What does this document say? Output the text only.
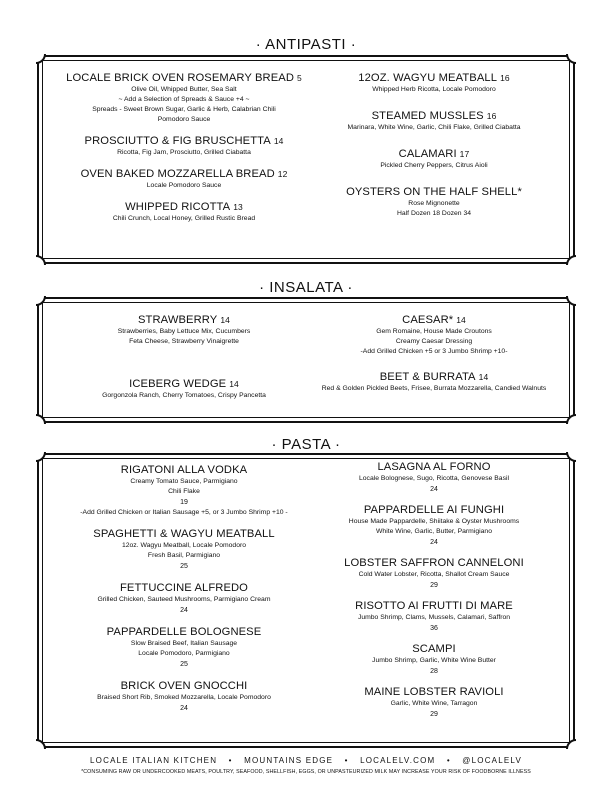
· ANTIPASTI ·
LOCALE BRICK OVEN ROSEMARY BREAD 5
Olive Oil, Whipped Butter, Sea Salt
~ Add a Selection of Spreads & Sauce +4 ~
Spreads - Sweet Brown Sugar, Garlic & Herb, Calabrian Chili
Pomodoro Sauce
PROSCIUTTO & FIG BRUSCHETTA 14
Ricotta, Fig Jam, Prosciutto, Grilled Ciabatta
OVEN BAKED MOZZARELLA BREAD 12
Locale Pomodoro Sauce
WHIPPED RICOTTA 13
Chili Crunch, Local Honey, Grilled Rustic Bread
12OZ. WAGYU MEATBALL 16
Whipped Herb Ricotta, Locale Pomodoro
STEAMED MUSSLES 16
Marinara, White Wine, Garlic, Chili Flake, Grilled Ciabatta
CALAMARI 17
Pickled Cherry Peppers, Citrus Aioli
OYSTERS ON THE HALF SHELL*
Rose Mignonette
Half Dozen 18 Dozen 34
· INSALATA ·
STRAWBERRY 14
Strawberries, Baby Lettuce Mix, Cucumbers
Feta Cheese, Strawberry Vinaigrette
ICEBERG WEDGE 14
Gorgonzola Ranch, Cherry Tomatoes, Crispy Pancetta
CAESAR* 14
Gem Romaine, House Made Croutons
Creamy Caesar Dressing
-Add Grilled Chicken +5 or 3 Jumbo Shrimp +10-
BEET & BURRATA 14
Red & Golden Pickled Beets, Frisee, Burrata Mozzarella, Candied Walnuts
· PASTA ·
RIGATONI ALLA VODKA
Creamy Tomato Sauce, Parmigiano
Chili Flake
19
-Add Grilled Chicken or Italian Sausage +5, or 3 Jumbo Shrimp +10 -
SPAGHETTI & WAGYU MEATBALL
12oz. Wagyu Meatball, Locale Pomodoro
Fresh Basil, Parmigiano
25
FETTUCCINE ALFREDO
Grilled Chicken, Sauteed Mushrooms, Parmigiano Cream
24
PAPPARDELLE BOLOGNESE
Slow Braised Beef, Italian Sausage
Locale Pomodoro, Parmigiano
25
BRICK OVEN GNOCCHI
Braised Short Rib, Smoked Mozzarella, Locale Pomodoro
24
LASAGNA AL FORNO
Locale Bolognese, Sugo, Ricotta, Genovese Basil
24
PAPPARDELLE AI FUNGHI
House Made Pappardelle, Shiitake & Oyster Mushrooms
White Wine, Garlic, Butter, Parmigiano
24
LOBSTER SAFFRON CANNELONI
Cold Water Lobster, Ricotta, Shallot Cream Sauce
29
RISOTTO AI FRUTTI DI MARE
Jumbo Shrimp, Clams, Mussels, Calamari, Saffron
36
SCAMPI
Jumbo Shrimp, Garlic, White Wine Butter
28
MAINE LOBSTER RAVIOLI
Garlic, White Wine, Tarragon
29
LOCALE ITALIAN KITCHEN • MOUNTAINS EDGE • LOCALELV.COM • @LOCALELV
*CONSUMING RAW OR UNDERCOOKED MEATS, POULTRY, SEAFOOD, SHELLFISH, EGGS, OR UNPASTEURIZED MILK MAY INCREASE YOUR RISK OF FOODBORNE ILLNESS
